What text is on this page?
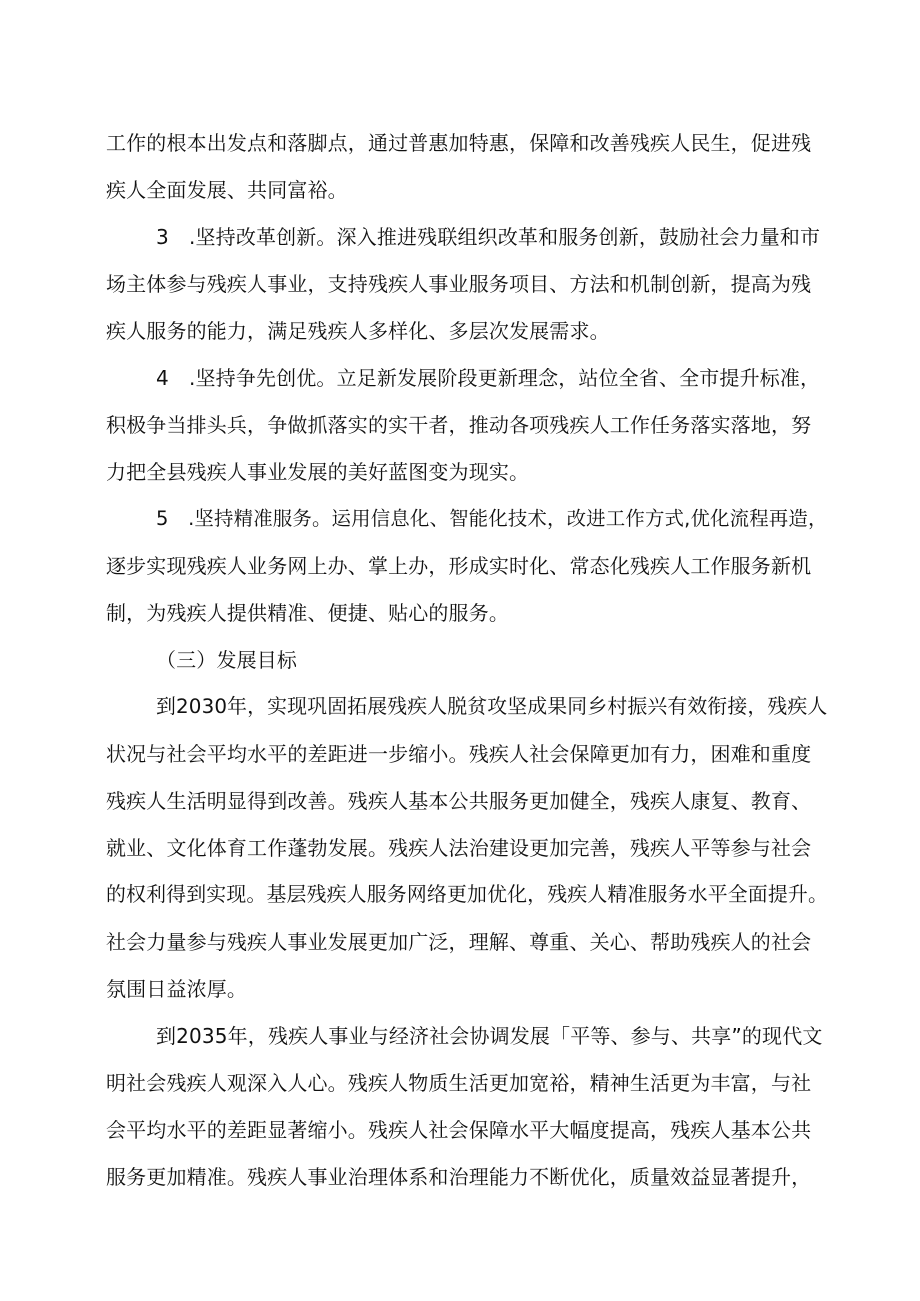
工作的根本出发点和落脚点，通过普惠加特惠，保障和改善残疾人民生，促进残
疾人全面发展、共同富裕。
3　.坚持改革创新。深入推进残联组织改革和服务创新，鼓励社会力量和市
场主体参与残疾人事业，支持残疾人事业服务项目、方法和机制创新，提高为残
疾人服务的能力，满足残疾人多样化、多层次发展需求。
4　.坚持争先创优。立足新发展阶段更新理念，站位全省、全市提升标准，
积极争当排头兵，争做抓落实的实干者，推动各项残疾人工作任务落实落地，努
力把全县残疾人事业发展的美好蓝图变为现实。
5　.坚持精准服务。运用信息化、智能化技术，改进工作方式,优化流程再造，
逐步实现残疾人业务网上办、掌上办，形成实时化、常态化残疾人工作服务新机
制，为残疾人提供精准、便捷、贴心的服务。
（三）发展目标
到2030年，实现巩固拓展残疾人脱贫攻坚成果同乡村振兴有效衔接，残疾人
状况与社会平均水平的差距进一步缩小。残疾人社会保障更加有力，困难和重度
残疾人生活明显得到改善。残疾人基本公共服务更加健全，残疾人康复、教育、
就业、文化体育工作蓬勃发展。残疾人法治建设更加完善，残疾人平等参与社会
的权利得到实现。基层残疾人服务网络更加优化，残疾人精准服务水平全面提升。
社会力量参与残疾人事业发展更加广泛，理解、尊重、关心、帮助残疾人的社会
氛围日益浓厚。
到2035年，残疾人事业与经济社会协调发展「平等、参与、共享”的现代文
明社会残疾人观深入人心。残疾人物质生活更加宽裕，精神生活更为丰富，与社
会平均水平的差距显著缩小。残疾人社会保障水平大幅度提高，残疾人基本公共
服务更加精准。残疾人事业治理体系和治理能力不断优化，质量效益显著提升，
